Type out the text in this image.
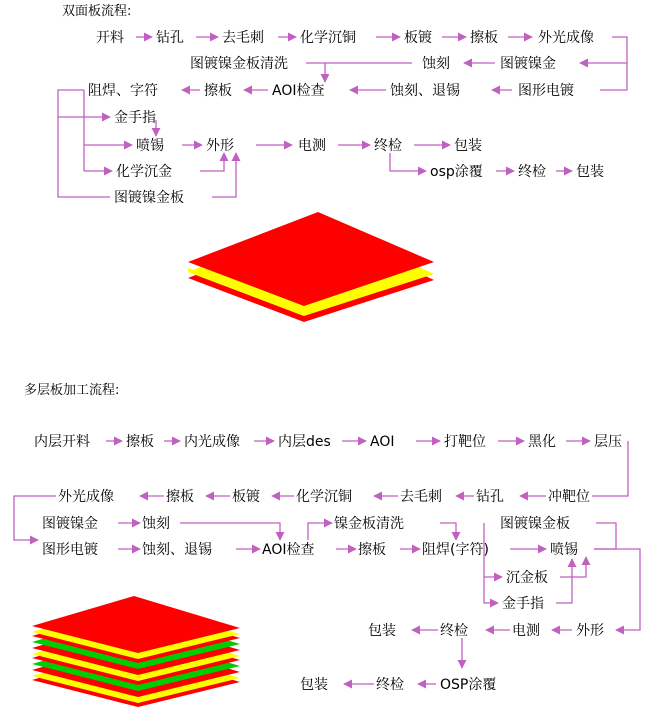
双面板流程:
开料 钻孔	去毛刺	化学沉铜	板镀	擦板	外光成像
图镀镍金板清洗	蚀刻	图镀镍金
阻焊、字符	擦板	AOI检查	蚀刻、退锡	图形电镀
金手指
喷锡	外形	电测	终检	包装
化学沉金	osp涂覆	终检 包装
图镀镍金板
多层板加工流程:
内层开料	擦板 内光成像	内层des	AOI	打靶位	黑化	层压
外光成像	擦板	板镀	化学沉铜	去毛刺 钻孔	冲靶位
图镀镍金	蚀刻	镍金板清洗	图镀镍金板
图形电镀	蚀刻、退锡	AOI检查	擦板	阻焊(字符)	喷锡
沉金板
金手指
包装	终检	电测	外形
包装	终检	OSP涂覆
